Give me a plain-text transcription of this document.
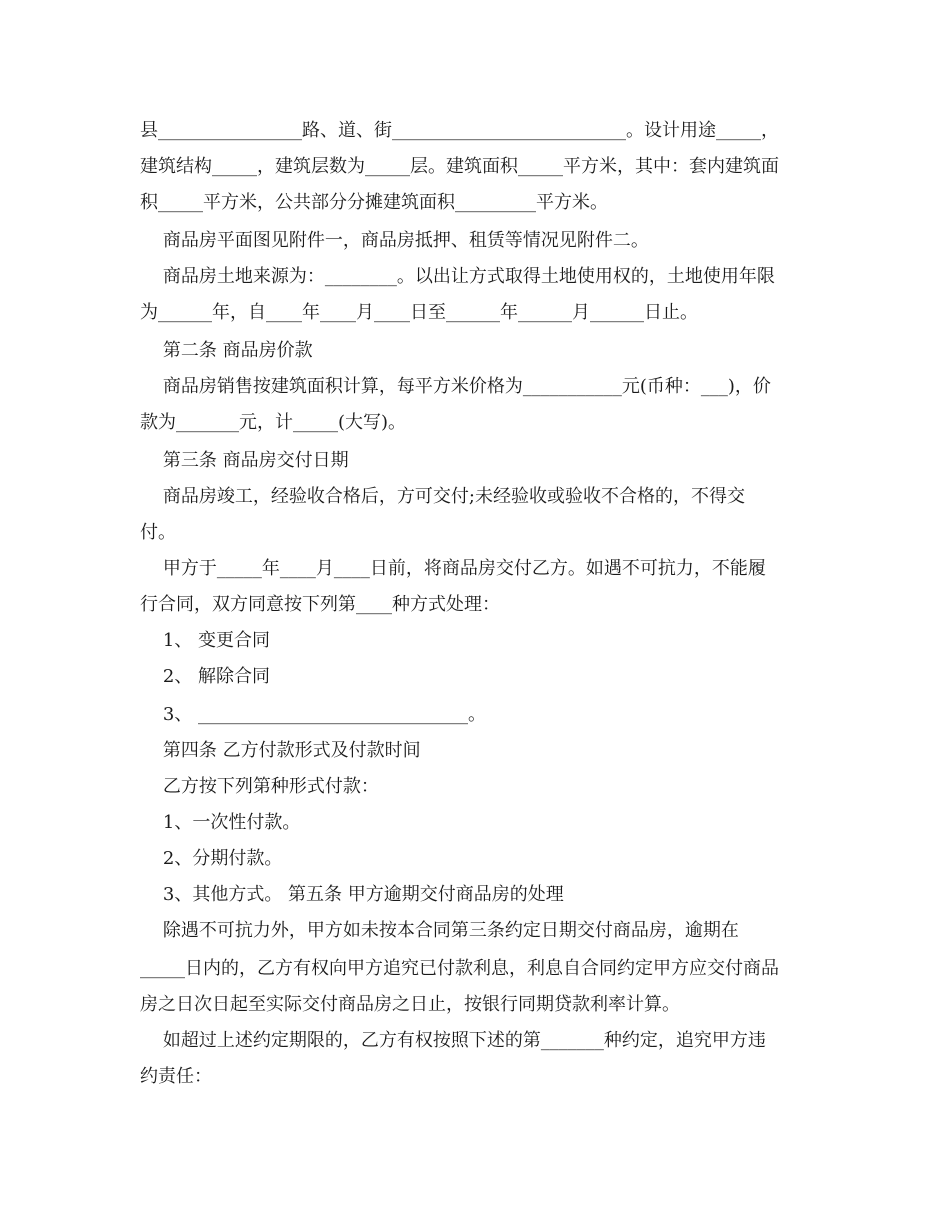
县________________路、道、街__________________________。设计用途_____，
建筑结构_____，建筑层数为_____层。建筑面积_____平方米，其中：套内建筑面
积_____平方米，公共部分分摊建筑面积_________平方米。
商品房平面图见附件一，商品房抵押、租赁等情况见附件二。
商品房土地来源为：________。以出让方式取得土地使用权的，土地使用年限
为______年，自____年____月____日至______年______月______日止。
第二条 商品房价款
商品房销售按建筑面积计算，每平方米价格为___________元(币种：___)，价
款为_______元，计_____(大写)。
第三条 商品房交付日期
商品房竣工，经验收合格后，方可交付;未经验收或验收不合格的，不得交
付。
甲方于_____年____月____日前，将商品房交付乙方。如遇不可抗力，不能履
行合同，双方同意按下列第____种方式处理：
1、 变更合同
2、 解除合同
3、 ______________________________。
第四条 乙方付款形式及付款时间
乙方按下列第种形式付款：
1、一次性付款。
2、分期付款。
3、其他方式。 第五条 甲方逾期交付商品房的处理
除遇不可抗力外，甲方如未按本合同第三条约定日期交付商品房，逾期在
_____日内的，乙方有权向甲方追究已付款利息，利息自合同约定甲方应交付商品
房之日次日起至实际交付商品房之日止，按银行同期贷款利率计算。
如超过上述约定期限的，乙方有权按照下述的第_______种约定，追究甲方违
约责任：
